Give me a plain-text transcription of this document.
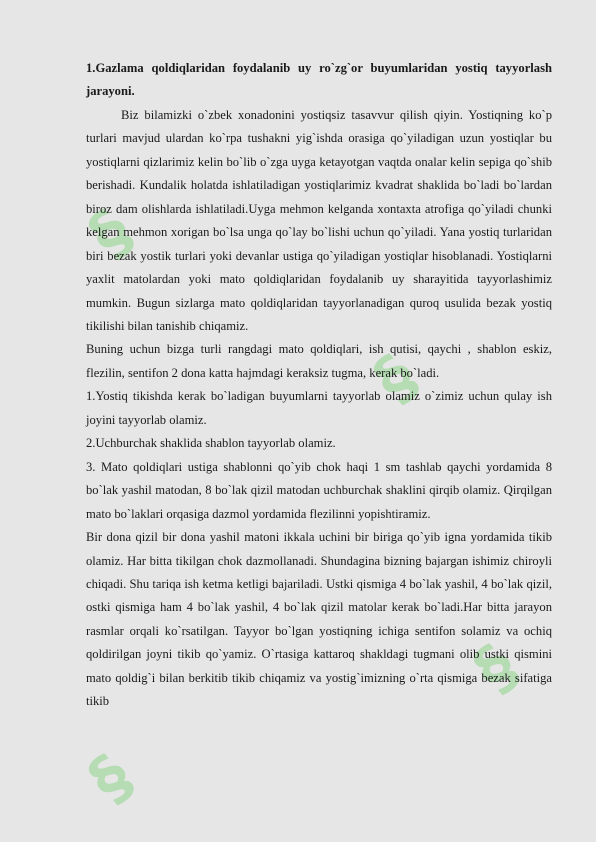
§
§
§
§

1.Gazlama qoldiqlaridan foydalanib uy ro`zg`or buyumlaridan yostiq tayyorlash jarayoni.

Biz bilamizki o`zbek xonadonini yostiqsiz tasavvur qilish qiyin. Yostiqning ko`p turlari mavjud ulardan ko`rpa tushakni yig`ishda orasiga qo`yiladigan uzun yostiqlar bu yostiqlarni qizlarimiz kelin bo`lib o`zga uyga ketayotgan vaqtda onalar kelin sepiga qo`shib berishadi. Kundalik holatda ishlatiladigan yostiqlarimiz kvadrat shaklida bo`ladi bo`lardan biroz dam olishlarda ishlatiladi.Uyga mehmon kelganda xontaxta atrofiga qo`yiladi chunki kelgan mehmon xorigan bo`lsa unga qo`lay bo`lishi uchun qo`yiladi. Yana yostiq turlaridan biri bezak yostik turlari yoki devanlar ustiga qo`yiladigan yostiqlar hisoblanadi. Yostiqlarni yaxlit matolardan yoki mato qoldiqlaridan foydalanib uy sharayitida tayyorlashimiz mumkin. Bugun sizlarga mato qoldiqlaridan tayyorlanadigan quroq usulida bezak yostiq tikilishi bilan tanishib chiqamiz.

Buning uchun bizga turli rangdagi mato qoldiqlari, ish qutisi, qaychi , shablon eskiz, flezilin, sentifon 2 dona katta hajmdagi keraksiz tugma, kerak bo`ladi.

1.Yostiq tikishda kerak bo`ladigan buyumlarni tayyorlab olamiz o`zimiz uchun qulay ish joyini tayyorlab olamiz.

2.Uchburchak shaklida shablon tayyorlab olamiz.

3. Mato qoldiqlari ustiga shablonni qo`yib chok haqi 1 sm tashlab qaychi yordamida 8 bo`lak yashil matodan, 8 bo`lak qizil matodan uchburchak shaklini qirqib olamiz. Qirqilgan mato bo`laklari orqasiga dazmol yordamida flezilinni yopishtiramiz.

Bir dona qizil bir dona yashil matoni ikkala uchini bir biriga qo`yib igna yordamida tikib olamiz. Har bitta tikilgan chok dazmollanadi. Shundagina bizning bajargan ishimiz chiroyli chiqadi. Shu tariqa ish ketma ketligi bajariladi. Ustki qismiga 4 bo`lak yashil, 4 bo`lak qizil, ostki qismiga ham 4 bo`lak yashil, 4 bo`lak qizil matolar kerak bo`ladi.Har bitta jarayon rasmlar orqali ko`rsatilgan. Tayyor bo`lgan yostiqning ichiga sentifon solamiz va ochiq qoldirilgan joyni tikib qo`yamiz. O`rtasiga kattaroq shakldagi tugmani olib ustki qismini mato qoldig`i bilan berkitib tikib chiqamiz va yostig`imizning o`rta qismiga bezak sifatiga tikib
